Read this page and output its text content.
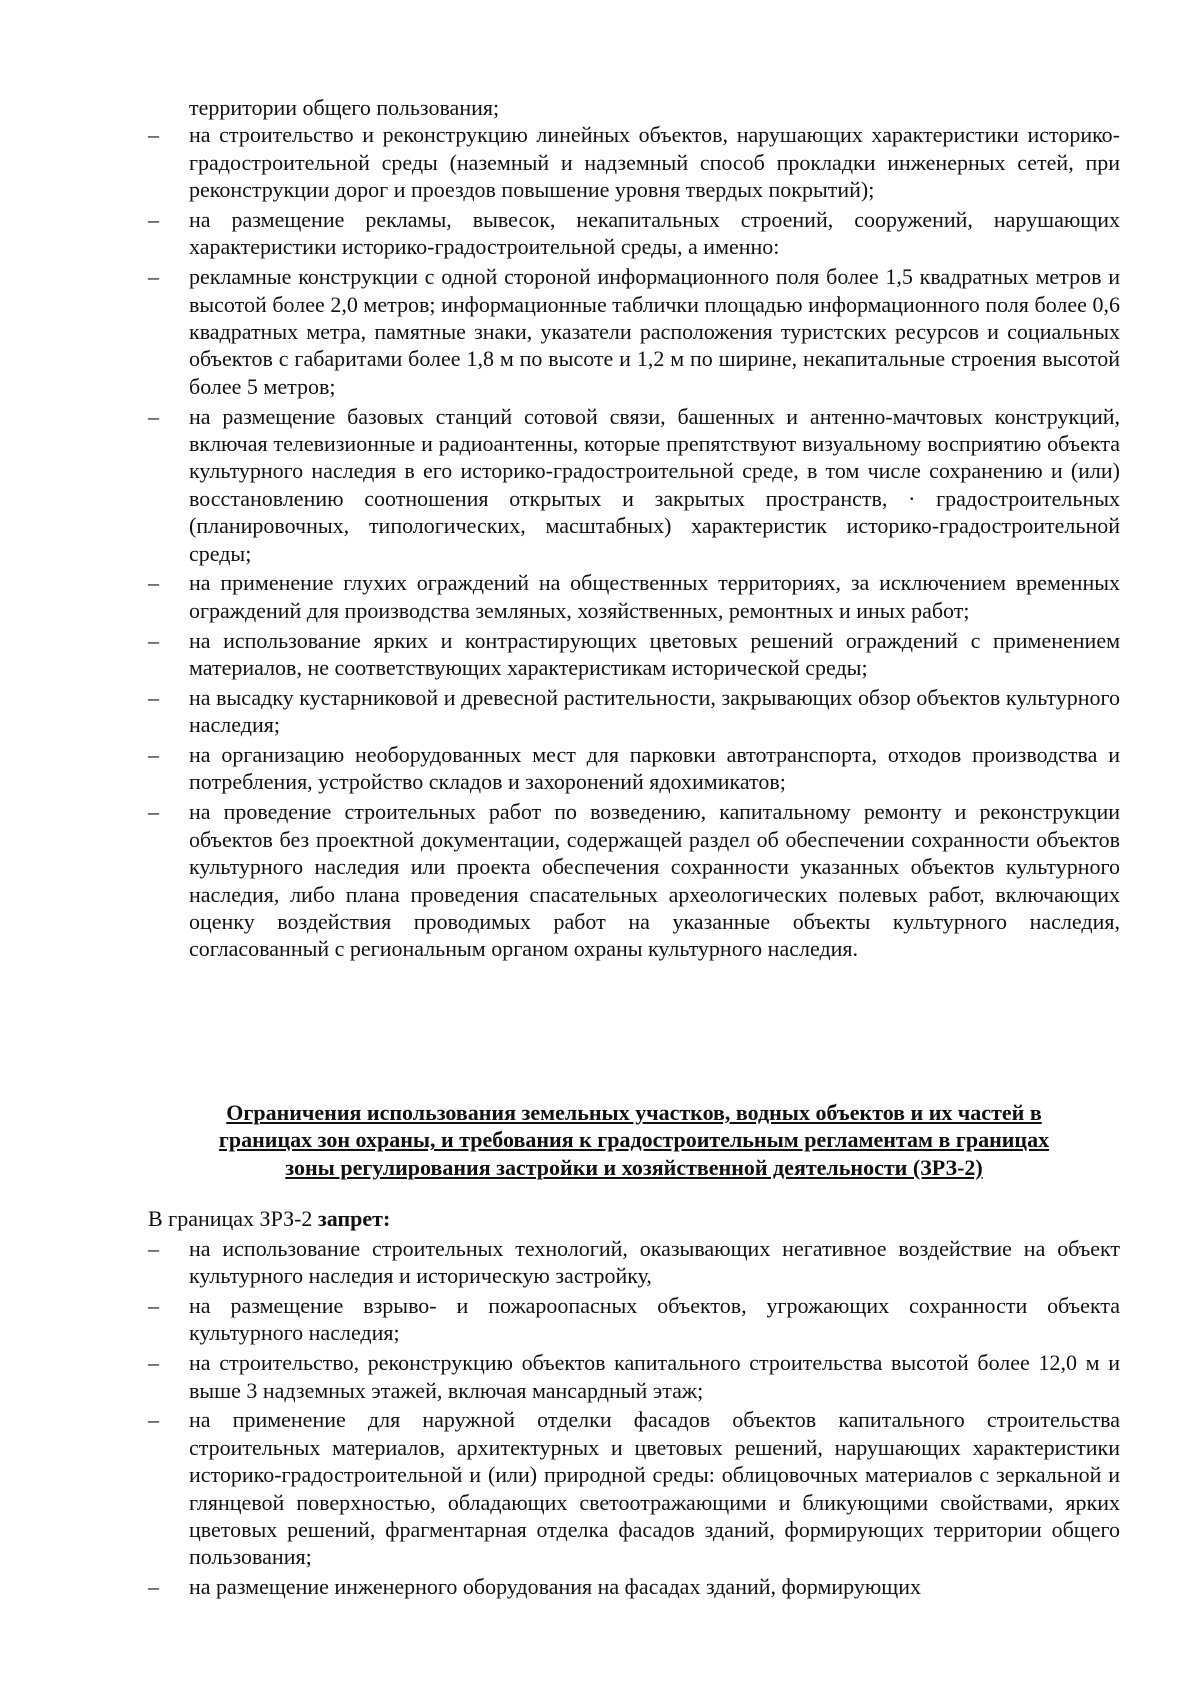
территории общего пользования;

–	на строительство и реконструкцию линейных объектов, нарушающих характеристики историко-градостроительной среды (наземный и надземный способ прокладки инженерных сетей, при реконструкции дорог и проездов повышение уровня твердых покрытий);
–	на размещение рекламы, вывесок, некапитальных строений, сооружений, нарушающих характеристики историко-градостроительной среды, а именно:
–	рекламные конструкции с одной стороной информационного поля более 1,5 квадратных метров и высотой более 2,0 метров; информационные таблички площадью информационного поля более 0,6 квадратных метра, памятные знаки, указатели расположения туристских ресурсов и социальных объектов с габаритами более 1,8 м по высоте и 1,2 м по ширине, некапитальные строения высотой более 5 метров;
–	на размещение базовых станций сотовой связи, башенных и антенно-мачтовых конструкций, включая телевизионные и радиоантенны, которые препятствуют визуальному восприятию объекта культурного наследия в его историко-градостроительной среде, в том числе сохранению и (или) восстановлению соотношения открытых и закрытых пространств, · градостроительных (планировочных, типологических, масштабных) характеристик историко-градостроительной среды;
–	на применение глухих ограждений на общественных территориях, за исключением временных ограждений для производства земляных, хозяйственных, ремонтных и иных работ;
–	на использование ярких и контрастирующих цветовых решений ограждений с применением материалов, не соответствующих характеристикам исторической среды;
–	на высадку кустарниковой и древесной растительности, закрывающих обзор объектов культурного наследия;
–	на организацию необорудованных мест для парковки автотранспорта, отходов производства и потребления, устройство складов и захоронений ядохимикатов;
–	на проведение строительных работ по возведению, капитальному ремонту и реконструкции объектов без проектной документации, содержащей раздел об обеспечении сохранности объектов культурного наследия или проекта обеспечения сохранности указанных объектов культурного наследия, либо плана проведения спасательных археологических полевых работ, включающих оценку воздействия проводимых работ на указанные объекты культурного наследия, согласованный с региональным органом охраны культурного наследия.
Ограничения использования земельных участков, водных объектов и их частей в
границах зон охраны, и требования к градостроительным регламентам в границах
зоны регулирования застройки и хозяйственной деятельности (ЗРЗ-2)

В границах ЗРЗ-2 запрет:

–	на использование строительных технологий, оказывающих негативное воздействие на объект культурного наследия и историческую застройку,
–	на размещение взрыво- и пожароопасных объектов, угрожающих сохранности объекта культурного наследия;
–	на строительство, реконструкцию объектов капитального строительства высотой более 12,0 м и выше 3 надземных этажей, включая мансардный этаж;
–	на применение для наружной отделки фасадов объектов капитального строительства строительных материалов, архитектурных и цветовых решений, нарушающих характеристики историко-градостроительной и (или) природной среды: облицовочных материалов с зеркальной и глянцевой поверхностью, обладающих светоотражающими и бликующими свойствами, ярких цветовых решений, фрагментарная отделка фасадов зданий, формирующих территории общего пользования;
–	на размещение инженерного оборудования на фасадах зданий, формирующих
